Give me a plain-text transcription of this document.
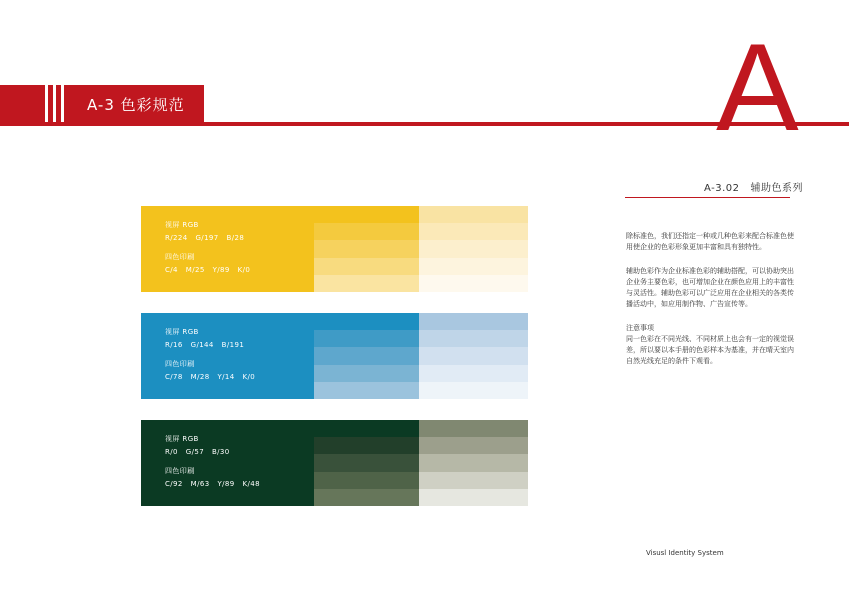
A-3 色彩规范	A
A-3.02 辅助色系列

除标准色，我们还指定一种或几种色彩来配合标准色使用使企业的色彩形象更加丰富和具有独特性。

辅助色彩作为企业标准色彩的辅助搭配，可以协助突出企业务主要色彩，也可增加企业在颜色应用上的丰富性与灵活性。辅助色彩可以广泛应用在企业相关的各类传播活动中，如应用制作物、广告宣传等。

注意事项
同一色彩在不同光线、不同材质上也会有一定的视觉误差，所以要以本手册的色彩样本为基准，并在晴天室内自然光线充足的条件下观看。

视屏 RGB
R/224 G/197 B/28
四色印刷
C/4 M/25 Y/89 K/0
视屏 RGB
R/16 G/144 B/191
四色印刷
C/78 M/28 Y/14 K/0
视屏 RGB
R/0 G/57 B/30
四色印刷
C/92 M/63 Y/89 K/48
Visusl Identity System
